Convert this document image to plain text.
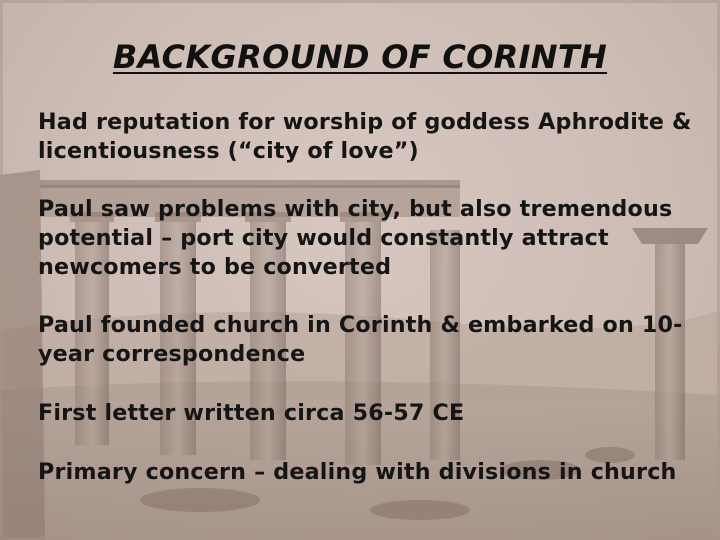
BACKGROUND OF CORINTH
Had reputation for worship of goddess Aphrodite & licentiousness (“city of love”)
Paul saw problems with city, but also tremendous potential – port city would constantly attract newcomers to be converted
Paul founded church in Corinth & embarked on 10-year correspondence
First letter written circa 56-57 CE
Primary concern – dealing with divisions in church
